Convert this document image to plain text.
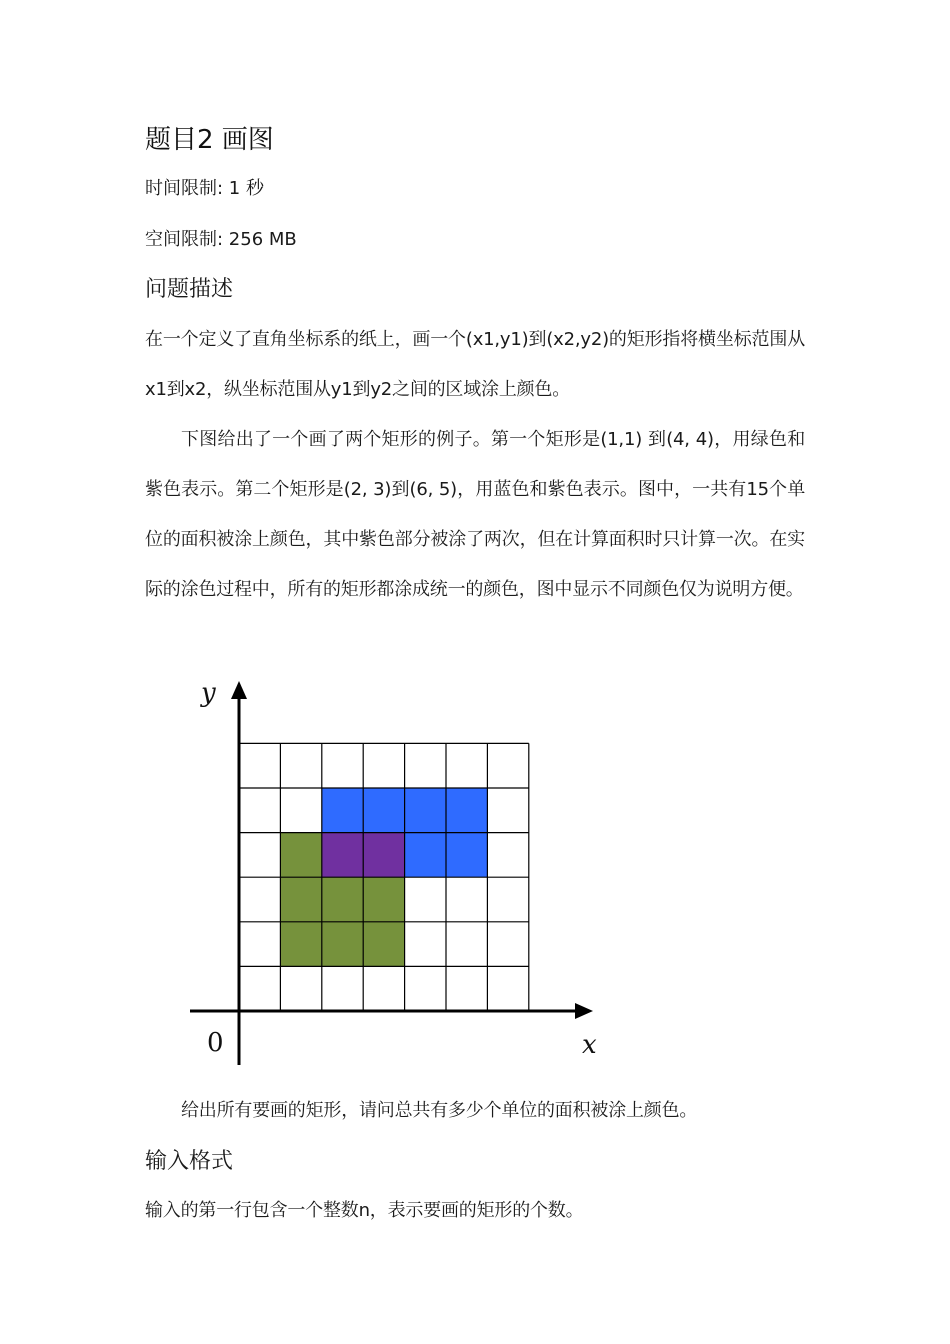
题目2 画图
时间限制: 1 秒
空间限制: 256 MB
问题描述
在一个定义了直角坐标系的纸上，画一个(x1,y1)到(x2,y2)的矩形指将横坐标范围从x1到x2，纵坐标范围从y1到y2之间的区域涂上颜色。
下图给出了一个画了两个矩形的例子。第一个矩形是(1,1) 到(4, 4)，用绿色和紫色表示。第二个矩形是(2, 3)到(6, 5)，用蓝色和紫色表示。图中，一共有15个单位的面积被涂上颜色，其中紫色部分被涂了两次，但在计算面积时只计算一次。在实际的涂色过程中，所有的矩形都涂成统一的颜色，图中显示不同颜色仅为说明方便。
y
x
0
给出所有要画的矩形，请问总共有多少个单位的面积被涂上颜色。
输入格式
输入的第一行包含一个整数n，表示要画的矩形的个数。
